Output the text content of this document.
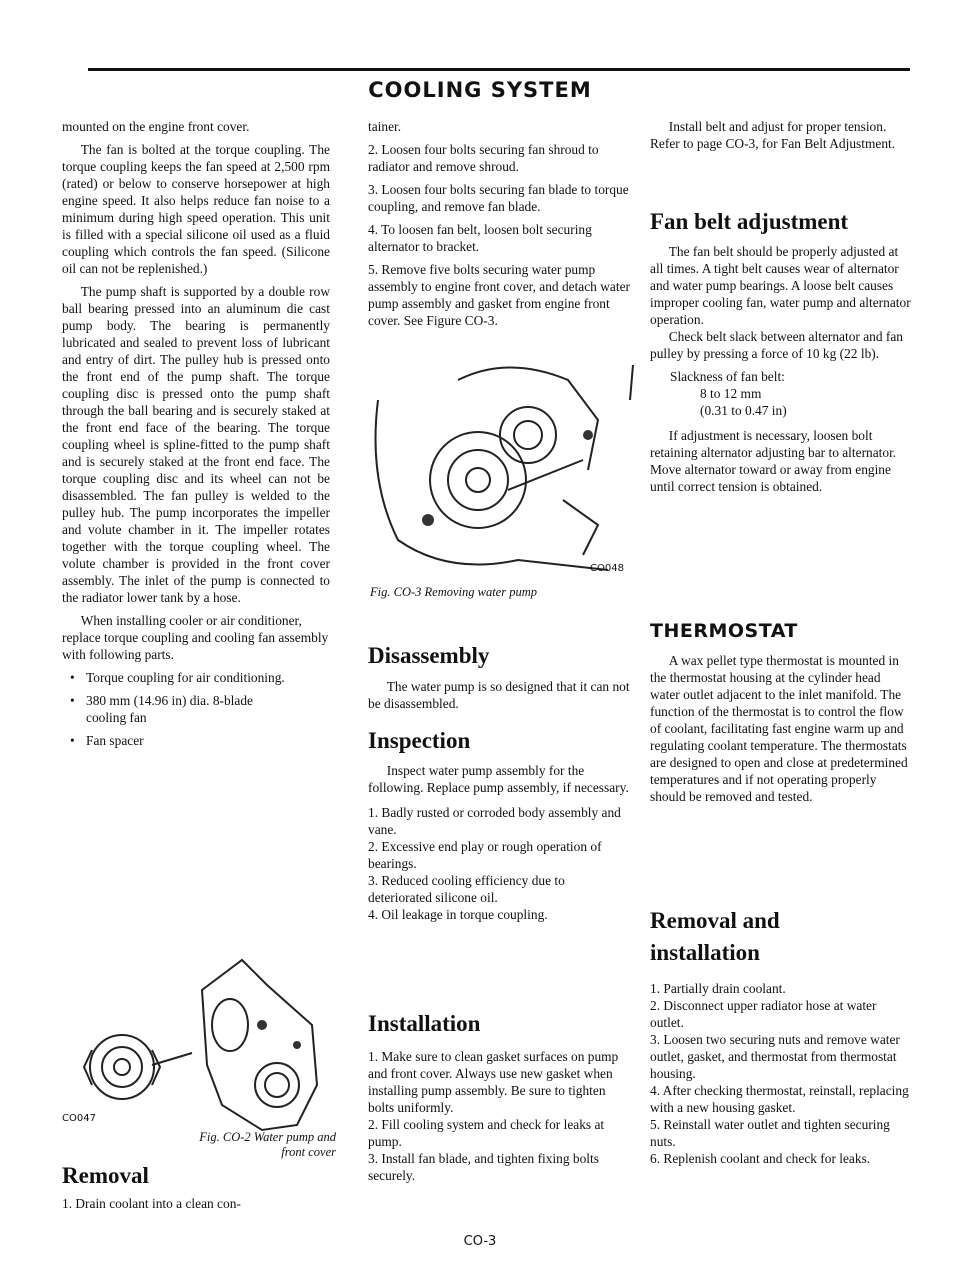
COOLING SYSTEM

mounted on the engine front cover.

The fan is bolted at the torque coupling. The torque coupling keeps the fan speed at 2,500 rpm (rated) or below to conserve horsepower at high engine speed. It also helps reduce fan noise to a minimum during high speed operation. This unit is filled with a special silicone oil used as a fluid coupling which controls the fan speed. (Silicone oil can not be replenished.)

The pump shaft is supported by a double row ball bearing pressed into an aluminum die cast pump body. The bearing is permanently lubricated and sealed to prevent loss of lubricant and entry of dirt. The pulley hub is pressed onto the front end of the pump shaft. The torque coupling disc is pressed onto the pump shaft through the ball bearing and is securely staked at the front end face of the bearing. The torque coupling wheel is spline-fitted to the pump shaft and is securely staked at the front end face. The torque coupling disc and its wheel can not be disassembled. The fan pulley is welded to the pulley hub. The pump incorporates the impeller and volute chamber in it. The impeller rotates together with the torque coupling wheel. The volute chamber is provided in the front cover assembly. The inlet of the pump is connected to the radiator lower tank by a hose.

When installing cooler or air conditioner, replace torque coupling and cooling fan assembly with following parts.

• Torque coupling for air conditioning.

• 380 mm (14.96 in) dia. 8-blade cooling fan

• Fan spacer

CO047
Fig. CO-2 Water pump and front cover
Removal
1. Drain coolant into a clean con-

tainer.

2. Loosen four bolts securing fan shroud to radiator and remove shroud.

3. Loosen four bolts securing fan blade to torque coupling, and remove fan blade.

4. To loosen fan belt, loosen bolt securing alternator to bracket.

5. Remove five bolts securing water pump assembly to engine front cover, and detach water pump assembly and gasket from engine front cover. See Figure CO-3.

CO048
Fig. CO-3 Removing water pump
Disassembly
The water pump is so designed that it can not be disassembled.
Inspection

Inspect water pump assembly for the following. Replace pump assembly, if necessary.

1. Badly rusted or corroded body assembly and vane.

2. Excessive end play or rough operation of bearings.

3. Reduced cooling efficiency due to deteriorated silicone oil.

4. Oil leakage in torque coupling.

Installation

1. Make sure to clean gasket surfaces on pump and front cover. Always use new gasket when installing pump assembly. Be sure to tighten bolts uniformly.

2. Fill cooling system and check for leaks at pump.

3. Install fan blade, and tighten fixing bolts securely.

Install belt and adjust for proper tension. Refer to page CO-3, for Fan Belt Adjustment.

Fan belt adjustment

The fan belt should be properly adjusted at all times. A tight belt causes wear of alternator and water pump bearings. A loose belt causes improper cooling fan, water pump and alternator operation.

Check belt slack between alternator and fan pulley by pressing a force of 10 kg (22 lb).

Slackness of fan belt:

8 to 12 mm

(0.31 to 0.47 in)

If adjustment is necessary, loosen bolt retaining alternator adjusting bar to alternator. Move alternator toward or away from engine until correct tension is obtained.

THERMOSTAT
A wax pellet type thermostat is mounted in the thermostat housing at the cylinder head water outlet adjacent to the inlet manifold. The function of the thermostat is to control the flow of coolant, facilitating fast engine warm up and regulating coolant temperature. The thermostats are designed to open and close at predetermined temperatures and if not operating properly should be removed and tested.
Removal and installation

1. Partially drain coolant.

2. Disconnect upper radiator hose at water outlet.

3. Loosen two securing nuts and remove water outlet, gasket, and thermostat from thermostat housing.

4. After checking thermostat, reinstall, replacing with a new housing gasket.

5. Reinstall water outlet and tighten securing nuts.

6. Replenish coolant and check for leaks.

CO-3
